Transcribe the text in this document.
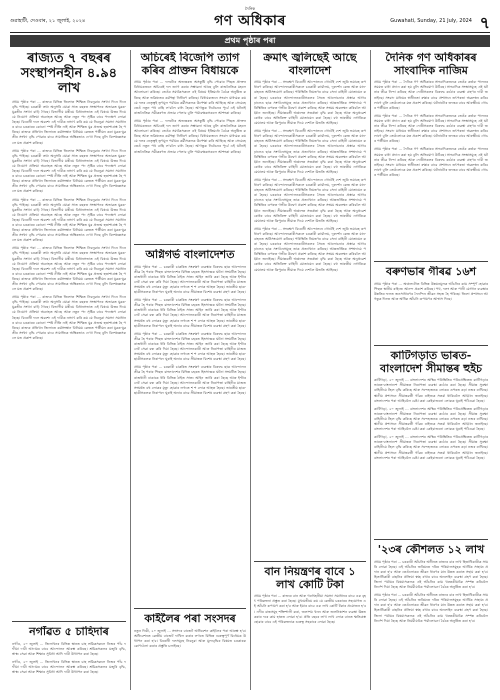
গুৱাহাটী, দেওবাৰ, ২১ জুলাই, ২০২৪
দৈনিক
গণ অধিকাৰ	Guwahati, Sunday, 21 July, 2024 ৭
প্ৰথম পৃষ্ঠাৰ পৰা
ৰাজ্যত ৭ বছৰৰ সংস্থাপনহীন ৪.৯৪ লাখ

প্ৰথম পৃষ্ঠাৰ পৰা ... ৰাজ্যৰ বিভিন্ন জিলাত শিক্ষিত নিবনুৱাৰ সংখ্যা দিনে দিনে বৃদ্ধি পাইছে। চৰকাৰী তথ্য অনুসৰি যোৱা সাত বছৰত সংস্থাপনৰ অভাৱত যুৱক-যুৱতীৰ সংখ্যা বাঢ়ি গৈছে। বিভাগীয় মন্ত্ৰীয়ে বিধানসভাত এই বিষয়ে উত্তৰ দিয়ে যে নিয়োগ প্ৰক্ৰিয়া অব্যাহত আছে আৰু নতুন পদ সৃষ্টিৰ বাবে পদক্ষেপ লোৱা হৈছে। বিৰোধী দলে অৱশ্যে এই দাবীক নস্যাৎ কৰি কয় যে নিবনুৱা সমস্যা সমাধানৰ বাবে চৰকাৰৰ কোনো স্পষ্ট নীতি নাই আৰু শিক্ষিত যুৱ প্ৰজন্ম হতাশাগ্ৰস্ত হৈ পৰিছে। ৰাজ্যৰ প্ৰতিখন জিলাতে কৰ্মসংস্থান বিনিময় কেন্দ্ৰত পঞ্জীয়ন কৰা যুৱক-যুৱতীৰ সংখ্যা বৃদ্ধি পোৱাৰ বাবে সামাজিক অস্থিৰতাও দেখা দিছে বুলি বিশেষজ্ঞসকলে মত প্ৰকাশ কৰিছে।

প্ৰথম পৃষ্ঠাৰ পৰা ... ৰাজ্যৰ বিভিন্ন জিলাত শিক্ষিত নিবনুৱাৰ সংখ্যা দিনে দিনে বৃদ্ধি পাইছে। চৰকাৰী তথ্য অনুসৰি যোৱা সাত বছৰত সংস্থাপনৰ অভাৱত যুৱক-যুৱতীৰ সংখ্যা বাঢ়ি গৈছে। বিভাগীয় মন্ত্ৰীয়ে বিধানসভাত এই বিষয়ে উত্তৰ দিয়ে যে নিয়োগ প্ৰক্ৰিয়া অব্যাহত আছে আৰু নতুন পদ সৃষ্টিৰ বাবে পদক্ষেপ লোৱা হৈছে। বিৰোধী দলে অৱশ্যে এই দাবীক নস্যাৎ কৰি কয় যে নিবনুৱা সমস্যা সমাধানৰ বাবে চৰকাৰৰ কোনো স্পষ্ট নীতি নাই আৰু শিক্ষিত যুৱ প্ৰজন্ম হতাশাগ্ৰস্ত হৈ পৰিছে। ৰাজ্যৰ প্ৰতিখন জিলাতে কৰ্মসংস্থান বিনিময় কেন্দ্ৰত পঞ্জীয়ন কৰা যুৱক-যুৱতীৰ সংখ্যা বৃদ্ধি পোৱাৰ বাবে সামাজিক অস্থিৰতাও দেখা দিছে বুলি বিশেষজ্ঞসকলে মত প্ৰকাশ কৰিছে।

প্ৰথম পৃষ্ঠাৰ পৰা ... ৰাজ্যৰ বিভিন্ন জিলাত শিক্ষিত নিবনুৱাৰ সংখ্যা দিনে দিনে বৃদ্ধি পাইছে। চৰকাৰী তথ্য অনুসৰি যোৱা সাত বছৰত সংস্থাপনৰ অভাৱত যুৱক-যুৱতীৰ সংখ্যা বাঢ়ি গৈছে। বিভাগীয় মন্ত্ৰীয়ে বিধানসভাত এই বিষয়ে উত্তৰ দিয়ে যে নিয়োগ প্ৰক্ৰিয়া অব্যাহত আছে আৰু নতুন পদ সৃষ্টিৰ বাবে পদক্ষেপ লোৱা হৈছে। বিৰোধী দলে অৱশ্যে এই দাবীক নস্যাৎ কৰি কয় যে নিবনুৱা সমস্যা সমাধানৰ বাবে চৰকাৰৰ কোনো স্পষ্ট নীতি নাই আৰু শিক্ষিত যুৱ প্ৰজন্ম হতাশাগ্ৰস্ত হৈ পৰিছে। ৰাজ্যৰ প্ৰতিখন জিলাতে কৰ্মসংস্থান বিনিময় কেন্দ্ৰত পঞ্জীয়ন কৰা যুৱক-যুৱতীৰ সংখ্যা বৃদ্ধি পোৱাৰ বাবে সামাজিক অস্থিৰতাও দেখা দিছে বুলি বিশেষজ্ঞসকলে মত প্ৰকাশ কৰিছে।

প্ৰথম পৃষ্ঠাৰ পৰা ... ৰাজ্যৰ বিভিন্ন জিলাত শিক্ষিত নিবনুৱাৰ সংখ্যা দিনে দিনে বৃদ্ধি পাইছে। চৰকাৰী তথ্য অনুসৰি যোৱা সাত বছৰত সংস্থাপনৰ অভাৱত যুৱক-যুৱতীৰ সংখ্যা বাঢ়ি গৈছে। বিভাগীয় মন্ত্ৰীয়ে বিধানসভাত এই বিষয়ে উত্তৰ দিয়ে যে নিয়োগ প্ৰক্ৰিয়া অব্যাহত আছে আৰু নতুন পদ সৃষ্টিৰ বাবে পদক্ষেপ লোৱা হৈছে। বিৰোধী দলে অৱশ্যে এই দাবীক নস্যাৎ কৰি কয় যে নিবনুৱা সমস্যা সমাধানৰ বাবে চৰকাৰৰ কোনো স্পষ্ট নীতি নাই আৰু শিক্ষিত যুৱ প্ৰজন্ম হতাশাগ্ৰস্ত হৈ পৰিছে। ৰাজ্যৰ প্ৰতিখন জিলাতে কৰ্মসংস্থান বিনিময় কেন্দ্ৰত পঞ্জীয়ন কৰা যুৱক-যুৱতীৰ সংখ্যা বৃদ্ধি পোৱাৰ বাবে সামাজিক অস্থিৰতাও দেখা দিছে বুলি বিশেষজ্ঞসকলে মত প্ৰকাশ কৰিছে।

প্ৰথম পৃষ্ঠাৰ পৰা ... ৰাজ্যৰ বিভিন্ন জিলাত শিক্ষিত নিবনুৱাৰ সংখ্যা দিনে দিনে বৃদ্ধি পাইছে। চৰকাৰী তথ্য অনুসৰি যোৱা সাত বছৰত সংস্থাপনৰ অভাৱত যুৱক-যুৱতীৰ সংখ্যা বাঢ়ি গৈছে। বিভাগীয় মন্ত্ৰীয়ে বিধানসভাত এই বিষয়ে উত্তৰ দিয়ে যে নিয়োগ প্ৰক্ৰিয়া অব্যাহত আছে আৰু নতুন পদ সৃষ্টিৰ বাবে পদক্ষেপ লোৱা হৈছে। বিৰোধী দলে অৱশ্যে এই দাবীক নস্যাৎ কৰি কয় যে নিবনুৱা সমস্যা সমাধানৰ বাবে চৰকাৰৰ কোনো স্পষ্ট নীতি নাই আৰু শিক্ষিত যুৱ প্ৰজন্ম হতাশাগ্ৰস্ত হৈ পৰিছে। ৰাজ্যৰ প্ৰতিখন জিলাতে কৰ্মসংস্থান বিনিময় কেন্দ্ৰত পঞ্জীয়ন কৰা যুৱক-যুৱতীৰ সংখ্যা বৃদ্ধি পোৱাৰ বাবে সামাজিক অস্থিৰতাও দেখা দিছে বুলি বিশেষজ্ঞসকলে মত প্ৰকাশ কৰিছে।

নগাঁৱত ৫ চাহিদাৰ

নগাঁও, ২০ জুলাই ... জিলাখনৰ বিভিন্ন স্থানত চাহ শ্ৰমিকসকলে নিজৰ পাঁচ দফীয়া দাবী আদায়ৰ বাবে আন্দোলন আৰম্ভ কৰিছে। শ্ৰমিকসকলৰ মজুৰি বৃদ্ধি, স্বাস্থ্য সেৱা আৰু শিক্ষাৰ সুবিধা আদি দাবী উত্থাপন কৰা হৈছে।

নগাঁও, ২০ জুলাই ... জিলাখনৰ বিভিন্ন স্থানত চাহ শ্ৰমিকসকলে নিজৰ পাঁচ দফীয়া দাবী আদায়ৰ বাবে আন্দোলন আৰম্ভ কৰিছে। শ্ৰমিকসকলৰ মজুৰি বৃদ্ধি, স্বাস্থ্য সেৱা আৰু শিক্ষাৰ সুবিধা আদি দাবী উত্থাপন কৰা হৈছে।

অচিৰেই বিজেপি ত্যাগ কৰিব প্ৰাক্তন বিধায়কে

প্ৰথম পৃষ্ঠাৰ পৰা ... দলটোৰ অভ্যন্তৰত অসন্তুষ্টি বৃদ্ধি পোৱাৰ পিছত প্ৰাক্তন বিধায়কজনে অচিৰেই দল ত্যাগ কৰাৰ সম্ভাৱনা আছে বুলি ৰাজনৈতিক মহলে আলোচনা কৰিছে। তেওঁৰ সমৰ্থকসকলে এই বিষয়ে ইতিমধ্যে বৈঠক অনুষ্ঠিত কৰিছে আৰু ভৱিষ্যতৰ কৰ্মপন্থা নিৰ্ধাৰণ কৰিছে। বিধায়কজনে সংবাদ মাধ্যমক কয় যে দলৰ নেতৃত্বই তৃণমূল পৰ্যায়ৰ কৰ্মীসকলক উপেক্ষা কৰি আহিছে আৰু সেয়েহে তেওঁ নতুন পথ বাছি ল'বলৈ বাধ্য হৈছে। আগন্তুক নিৰ্বাচনৰ পূৰ্বে এই ঘটনাই ৰাজনৈতিক সমীকৰণত প্ৰভাৱ পেলাব বুলি পৰ্যবেক্ষকসকলে আশংকা কৰিছে।

প্ৰথম পৃষ্ঠাৰ পৰা ... দলটোৰ অভ্যন্তৰত অসন্তুষ্টি বৃদ্ধি পোৱাৰ পিছত প্ৰাক্তন বিধায়কজনে অচিৰেই দল ত্যাগ কৰাৰ সম্ভাৱনা আছে বুলি ৰাজনৈতিক মহলে আলোচনা কৰিছে। তেওঁৰ সমৰ্থকসকলে এই বিষয়ে ইতিমধ্যে বৈঠক অনুষ্ঠিত কৰিছে আৰু ভৱিষ্যতৰ কৰ্মপন্থা নিৰ্ধাৰণ কৰিছে। বিধায়কজনে সংবাদ মাধ্যমক কয় যে দলৰ নেতৃত্বই তৃণমূল পৰ্যায়ৰ কৰ্মীসকলক উপেক্ষা কৰি আহিছে আৰু সেয়েহে তেওঁ নতুন পথ বাছি ল'বলৈ বাধ্য হৈছে। আগন্তুক নিৰ্বাচনৰ পূৰ্বে এই ঘটনাই ৰাজনৈতিক সমীকৰণত প্ৰভাৱ পেলাব বুলি পৰ্যবেক্ষকসকলে আশংকা কৰিছে।

অগ্নিগৰ্ভ বাংলাদেশত

প্ৰথম পৃষ্ঠাৰ পৰা ... চৰকাৰী চাকৰিত সংৰক্ষণ ব্যৱস্থাৰ বিৰুদ্ধে ছাত্ৰ আন্দোলন তীব্ৰ হৈ পৰাৰ পিছত বাংলাদেশৰ বিভিন্ন চহৰত হিংসাত্মক ঘটনা সংঘটিত হৈছে। ৰাজধানী ঢাকাকে ধৰি বিভিন্ন ঠাইত সান্ধ্য আইন জাৰি কৰা হৈছে আৰু ইণ্টাৰনেট সেৱা বন্ধ কৰি দিয়া হৈছে। আন্দোলনকাৰী আৰু নিৰাপত্তা বাহিনীৰ মাজত সংঘৰ্ষত বহু লোকৰ মৃত্যু হোৱাৰ লগতে শ শ লোক আহত হৈছে। ভাৰতীয় ছাত্ৰ-ছাত্ৰীসকলক নিৰাপদে ঘূৰাই অনাৰ বাবে সীমান্তত বিশেষ ব্যৱস্থা গ্ৰহণ কৰা হৈছে।

প্ৰথম পৃষ্ঠাৰ পৰা ... চৰকাৰী চাকৰিত সংৰক্ষণ ব্যৱস্থাৰ বিৰুদ্ধে ছাত্ৰ আন্দোলন তীব্ৰ হৈ পৰাৰ পিছত বাংলাদেশৰ বিভিন্ন চহৰত হিংসাত্মক ঘটনা সংঘটিত হৈছে। ৰাজধানী ঢাকাকে ধৰি বিভিন্ন ঠাইত সান্ধ্য আইন জাৰি কৰা হৈছে আৰু ইণ্টাৰনেট সেৱা বন্ধ কৰি দিয়া হৈছে। আন্দোলনকাৰী আৰু নিৰাপত্তা বাহিনীৰ মাজত সংঘৰ্ষত বহু লোকৰ মৃত্যু হোৱাৰ লগতে শ শ লোক আহত হৈছে। ভাৰতীয় ছাত্ৰ-ছাত্ৰীসকলক নিৰাপদে ঘূৰাই অনাৰ বাবে সীমান্তত বিশেষ ব্যৱস্থা গ্ৰহণ কৰা হৈছে।

প্ৰথম পৃষ্ঠাৰ পৰা ... চৰকাৰী চাকৰিত সংৰক্ষণ ব্যৱস্থাৰ বিৰুদ্ধে ছাত্ৰ আন্দোলন তীব্ৰ হৈ পৰাৰ পিছত বাংলাদেশৰ বিভিন্ন চহৰত হিংসাত্মক ঘটনা সংঘটিত হৈছে। ৰাজধানী ঢাকাকে ধৰি বিভিন্ন ঠাইত সান্ধ্য আইন জাৰি কৰা হৈছে আৰু ইণ্টাৰনেট সেৱা বন্ধ কৰি দিয়া হৈছে। আন্দোলনকাৰী আৰু নিৰাপত্তা বাহিনীৰ মাজত সংঘৰ্ষত বহু লোকৰ মৃত্যু হোৱাৰ লগতে শ শ লোক আহত হৈছে। ভাৰতীয় ছাত্ৰ-ছাত্ৰীসকলক নিৰাপদে ঘূৰাই অনাৰ বাবে সীমান্তত বিশেষ ব্যৱস্থা গ্ৰহণ কৰা হৈছে।

প্ৰথম পৃষ্ঠাৰ পৰা ... চৰকাৰী চাকৰিত সংৰক্ষণ ব্যৱস্থাৰ বিৰুদ্ধে ছাত্ৰ আন্দোলন তীব্ৰ হৈ পৰাৰ পিছত বাংলাদেশৰ বিভিন্ন চহৰত হিংসাত্মক ঘটনা সংঘটিত হৈছে। ৰাজধানী ঢাকাকে ধৰি বিভিন্ন ঠাইত সান্ধ্য আইন জাৰি কৰা হৈছে আৰু ইণ্টাৰনেট সেৱা বন্ধ কৰি দিয়া হৈছে। আন্দোলনকাৰী আৰু নিৰাপত্তা বাহিনীৰ মাজত সংঘৰ্ষত বহু লোকৰ মৃত্যু হোৱাৰ লগতে শ শ লোক আহত হৈছে। ভাৰতীয় ছাত্ৰ-ছাত্ৰীসকলক নিৰাপদে ঘূৰাই অনাৰ বাবে সীমান্তত বিশেষ ব্যৱস্থা গ্ৰহণ কৰা হৈছে।

কাইলৈৰ পৰা সংসদৰ

নতুন দিল্লী, ২০ জুলাই ... সংসদৰ বাজেট অধিবেশন কাইলৈৰ পৰা আৰম্ভ হ'ব। অধিবেশনত কেন্দ্ৰীয় বাজেট দাখিল কৰাৰ লগতে বিভিন্ন গুৰুত্বপূৰ্ণ বিধেয়ক উত্থাপন কৰা হ'ব। বিৰোধী দলসমূহে নিবনুৱা আৰু মূল্যবৃদ্ধিৰ বিষয়ত চৰকাৰক কোণঠেলা কৰাৰ প্ৰস্তুতি চলাইছে।

ক্ৰমাৎ জ্বলিছেই আছে বাংলাদেশ

প্ৰথম পৃষ্ঠাৰ পৰা ... সংৰক্ষণ বিৰোধী আন্দোলনে গোটেই দেশ জুৰি ভয়াবহ ৰূপ ধাৰণ কৰিছে। আন্দোলনকাৰীসকলে চৰকাৰী কাৰ্যালয়, দূৰদৰ্শন কেন্দ্ৰ আৰু যান-বাহনত অগ্নিসংযোগ কৰিছে। পৰিস্থিতি নিয়ন্ত্ৰণৰ বাবে সেনা বাহিনী মোতায়েন কৰা হৈছে। চৰকাৰে আন্দোলনকাৰীসকলৰ সৈতে আলোচনাৰ প্ৰস্তাৱ আগবঢ়ালেও ছাত্ৰ সংগঠনসমূহে তাক প্ৰত্যাখ্যান কৰিছে। আন্তৰ্জাতিক সম্প্ৰদায়ে পৰিস্থিতিৰ ওপৰত গভীৰ উদ্বেগ প্ৰকাশ কৰিছে আৰু সংযম অৱলম্বন কৰিবলৈ আহ্বান জনাইছে। সীমান্তবৰ্তী অঞ্চলত সতৰ্কতা বৃদ্ধি কৰা হৈছে আৰু অনুপ্ৰৱেশ ৰোধৰ বাবে অতিৰিক্ত বাহিনী মোতায়েন কৰা হৈছে। বহু ভাৰতীয় নাগৰিকে মেঘালয় আৰু ত্ৰিপুৰাৰ সীমান্ত দিয়ে দেশলৈ উভতি আহিছে।

প্ৰথম পৃষ্ঠাৰ পৰা ... সংৰক্ষণ বিৰোধী আন্দোলনে গোটেই দেশ জুৰি ভয়াবহ ৰূপ ধাৰণ কৰিছে। আন্দোলনকাৰীসকলে চৰকাৰী কাৰ্যালয়, দূৰদৰ্শন কেন্দ্ৰ আৰু যান-বাহনত অগ্নিসংযোগ কৰিছে। পৰিস্থিতি নিয়ন্ত্ৰণৰ বাবে সেনা বাহিনী মোতায়েন কৰা হৈছে। চৰকাৰে আন্দোলনকাৰীসকলৰ সৈতে আলোচনাৰ প্ৰস্তাৱ আগবঢ়ালেও ছাত্ৰ সংগঠনসমূহে তাক প্ৰত্যাখ্যান কৰিছে। আন্তৰ্জাতিক সম্প্ৰদায়ে পৰিস্থিতিৰ ওপৰত গভীৰ উদ্বেগ প্ৰকাশ কৰিছে আৰু সংযম অৱলম্বন কৰিবলৈ আহ্বান জনাইছে। সীমান্তবৰ্তী অঞ্চলত সতৰ্কতা বৃদ্ধি কৰা হৈছে আৰু অনুপ্ৰৱেশ ৰোধৰ বাবে অতিৰিক্ত বাহিনী মোতায়েন কৰা হৈছে। বহু ভাৰতীয় নাগৰিকে মেঘালয় আৰু ত্ৰিপুৰাৰ সীমান্ত দিয়ে দেশলৈ উভতি আহিছে।

প্ৰথম পৃষ্ঠাৰ পৰা ... সংৰক্ষণ বিৰোধী আন্দোলনে গোটেই দেশ জুৰি ভয়াবহ ৰূপ ধাৰণ কৰিছে। আন্দোলনকাৰীসকলে চৰকাৰী কাৰ্যালয়, দূৰদৰ্শন কেন্দ্ৰ আৰু যান-বাহনত অগ্নিসংযোগ কৰিছে। পৰিস্থিতি নিয়ন্ত্ৰণৰ বাবে সেনা বাহিনী মোতায়েন কৰা হৈছে। চৰকাৰে আন্দোলনকাৰীসকলৰ সৈতে আলোচনাৰ প্ৰস্তাৱ আগবঢ়ালেও ছাত্ৰ সংগঠনসমূহে তাক প্ৰত্যাখ্যান কৰিছে। আন্তৰ্জাতিক সম্প্ৰদায়ে পৰিস্থিতিৰ ওপৰত গভীৰ উদ্বেগ প্ৰকাশ কৰিছে আৰু সংযম অৱলম্বন কৰিবলৈ আহ্বান জনাইছে। সীমান্তবৰ্তী অঞ্চলত সতৰ্কতা বৃদ্ধি কৰা হৈছে আৰু অনুপ্ৰৱেশ ৰোধৰ বাবে অতিৰিক্ত বাহিনী মোতায়েন কৰা হৈছে। বহু ভাৰতীয় নাগৰিকে মেঘালয় আৰু ত্ৰিপুৰাৰ সীমান্ত দিয়ে দেশলৈ উভতি আহিছে।

প্ৰথম পৃষ্ঠাৰ পৰা ... সংৰক্ষণ বিৰোধী আন্দোলনে গোটেই দেশ জুৰি ভয়াবহ ৰূপ ধাৰণ কৰিছে। আন্দোলনকাৰীসকলে চৰকাৰী কাৰ্যালয়, দূৰদৰ্শন কেন্দ্ৰ আৰু যান-বাহনত অগ্নিসংযোগ কৰিছে। পৰিস্থিতি নিয়ন্ত্ৰণৰ বাবে সেনা বাহিনী মোতায়েন কৰা হৈছে। চৰকাৰে আন্দোলনকাৰীসকলৰ সৈতে আলোচনাৰ প্ৰস্তাৱ আগবঢ়ালেও ছাত্ৰ সংগঠনসমূহে তাক প্ৰত্যাখ্যান কৰিছে। আন্তৰ্জাতিক সম্প্ৰদায়ে পৰিস্থিতিৰ ওপৰত গভীৰ উদ্বেগ প্ৰকাশ কৰিছে আৰু সংযম অৱলম্বন কৰিবলৈ আহ্বান জনাইছে। সীমান্তবৰ্তী অঞ্চলত সতৰ্কতা বৃদ্ধি কৰা হৈছে আৰু অনুপ্ৰৱেশ ৰোধৰ বাবে অতিৰিক্ত বাহিনী মোতায়েন কৰা হৈছে। বহু ভাৰতীয় নাগৰিকে মেঘালয় আৰু ত্ৰিপুৰাৰ সীমান্ত দিয়ে দেশলৈ উভতি আহিছে।

বান নিয়ন্ত্ৰণৰ বাবে ১ লাখ কোটি টকা

প্ৰথম পৃষ্ঠাৰ পৰা ... ৰাজ্যৰ বান আৰু গৰাখহনীয়া সমস্যা সমাধানৰ বাবে এক বৃহৎ পৰিকল্পনা প্ৰস্তুত কৰা হৈছে। মুখ্যমন্ত্ৰীয়ে কয় যে কেন্দ্ৰীয় চৰকাৰৰ সহযোগত এই আঁচনি ৰূপায়ণ কৰা হ'ব আৰু ইয়াৰ বাবে এক লাখ কোটি টকাৰ প্ৰয়োজন হ'ব। নদীৰ বান্ধসমূহ শক্তিশালী কৰা, জলাশয় খনন আৰু জলনিষ্কাশন ব্যৱস্থা উন্নত কৰাৰ দৰে কাম হাতত লোৱা হ'ব। প্ৰতি বছৰে লাখ লাখ লোক বানত ক্ষতিগ্ৰস্ত হোৱাৰ বাবে এই পৰিকল্পনাক গুৰুত্ব সহকাৰে লোৱা হৈছে।

দৈনিক গণ অধিকাৰৰ সাংবাদিক নাজিম

প্ৰথম পৃষ্ঠাৰ পৰা ... দৈনিক গণ অধিকাৰৰ সাংবাদিকজনক তেওঁৰ কৰ্তব্য পালনৰ সময়ত বাধা প্ৰদান কৰা হয় বুলি অভিযোগ উঠিছে। সাংবাদিক সংস্থাসমূহে এই ঘটনাৰ তীব্ৰ নিন্দা কৰিছে আৰু দোষীসকলৰ বিৰুদ্ধে কঠোৰ ব্যৱস্থা গ্ৰহণৰ দাবী জনাইছে। সংবাদ মাধ্যমৰ স্বাধীনতা ৰক্ষাৰ বাবে প্ৰশাসনে তৎপৰতা অৱলম্বন কৰিব লাগে বুলি তেওঁলোকে মত প্ৰকাশ কৰিছে। ঘটনাটোৰ তদন্তৰ বাবে আৰক্ষীয়ে গোচৰ পঞ্জীয়ন কৰিছে।

প্ৰথম পৃষ্ঠাৰ পৰা ... দৈনিক গণ অধিকাৰৰ সাংবাদিকজনক তেওঁৰ কৰ্তব্য পালনৰ সময়ত বাধা প্ৰদান কৰা হয় বুলি অভিযোগ উঠিছে। সাংবাদিক সংস্থাসমূহে এই ঘটনাৰ তীব্ৰ নিন্দা কৰিছে আৰু দোষীসকলৰ বিৰুদ্ধে কঠোৰ ব্যৱস্থা গ্ৰহণৰ দাবী জনাইছে। সংবাদ মাধ্যমৰ স্বাধীনতা ৰক্ষাৰ বাবে প্ৰশাসনে তৎপৰতা অৱলম্বন কৰিব লাগে বুলি তেওঁলোকে মত প্ৰকাশ কৰিছে। ঘটনাটোৰ তদন্তৰ বাবে আৰক্ষীয়ে গোচৰ পঞ্জীয়ন কৰিছে।

প্ৰথম পৃষ্ঠাৰ পৰা ... দৈনিক গণ অধিকাৰৰ সাংবাদিকজনক তেওঁৰ কৰ্তব্য পালনৰ সময়ত বাধা প্ৰদান কৰা হয় বুলি অভিযোগ উঠিছে। সাংবাদিক সংস্থাসমূহে এই ঘটনাৰ তীব্ৰ নিন্দা কৰিছে আৰু দোষীসকলৰ বিৰুদ্ধে কঠোৰ ব্যৱস্থা গ্ৰহণৰ দাবী জনাইছে। সংবাদ মাধ্যমৰ স্বাধীনতা ৰক্ষাৰ বাবে প্ৰশাসনে তৎপৰতা অৱলম্বন কৰিব লাগে বুলি তেওঁলোকে মত প্ৰকাশ কৰিছে। ঘটনাটোৰ তদন্তৰ বাবে আৰক্ষীয়ে গোচৰ পঞ্জীয়ন কৰিছে।

বৰুণভাৰ গীৰৱ ১৬শ

প্ৰথম পৃষ্ঠাৰ পৰা ... অঞ্চলটোত বিভিন্ন উন্নয়নমূলক আঁচনিৰ কাম সম্পূৰ্ণ হোৱাৰ পিছত স্থানীয় ৰাইজে আনন্দ প্ৰকাশ কৰিছে। পথ, দলং আৰু পানী যোগান ব্যৱস্থাৰ উন্নতিৰ ফলত জনসাধাৰণৰ দৈনন্দিন জীৱন সহজ হৈ পৰিছে। জিলা প্ৰশাসনে আগন্তুক দিনত আৰু অধিক আঁচনি ৰূপায়ণৰ আশ্বাস দিছে।

কাটিগড়াত ভাৰত-বাংলাদেশ সীমান্তৰ হুইচ

কাটিগড়া, ২০ জুলাই ... বাংলাদেশৰ অস্থিৰ পৰিস্থিতিৰ পৰিপ্ৰেক্ষিতত কাটিগড়াৰ ভাৰত-বাংলাদেশ সীমান্তত নিৰাপত্তা ব্যৱস্থা কঠোৰ কৰা হৈছে। সীমান্ত সুৰক্ষা বাহিনীয়ে টহল বৃদ্ধি কৰিছে আৰু সন্দেহজনক লোকৰ ওপৰত কঢ়া নজৰ ৰাখিছে। স্থানীয় প্ৰশাসনে সীমান্তবৰ্তী গাঁৱৰ ৰাইজক সতৰ্ক থাকিবলৈ আহ্বান জনাইছে। বাংলাদেশৰ পৰা আহিবলৈ চেষ্টা কৰা কেইবাজনো লোকক ঘূৰাই পঠিওৱা হৈছে।

কাটিগড়া, ২০ জুলাই ... বাংলাদেশৰ অস্থিৰ পৰিস্থিতিৰ পৰিপ্ৰেক্ষিতত কাটিগড়াৰ ভাৰত-বাংলাদেশ সীমান্তত নিৰাপত্তা ব্যৱস্থা কঠোৰ কৰা হৈছে। সীমান্ত সুৰক্ষা বাহিনীয়ে টহল বৃদ্ধি কৰিছে আৰু সন্দেহজনক লোকৰ ওপৰত কঢ়া নজৰ ৰাখিছে। স্থানীয় প্ৰশাসনে সীমান্তবৰ্তী গাঁৱৰ ৰাইজক সতৰ্ক থাকিবলৈ আহ্বান জনাইছে। বাংলাদেশৰ পৰা আহিবলৈ চেষ্টা কৰা কেইবাজনো লোকক ঘূৰাই পঠিওৱা হৈছে।

কাটিগড়া, ২০ জুলাই ... বাংলাদেশৰ অস্থিৰ পৰিস্থিতিৰ পৰিপ্ৰেক্ষিতত কাটিগড়াৰ ভাৰত-বাংলাদেশ সীমান্তত নিৰাপত্তা ব্যৱস্থা কঠোৰ কৰা হৈছে। সীমান্ত সুৰক্ষা বাহিনীয়ে টহল বৃদ্ধি কৰিছে আৰু সন্দেহজনক লোকৰ ওপৰত কঢ়া নজৰ ৰাখিছে। স্থানীয় প্ৰশাসনে সীমান্তবৰ্তী গাঁৱৰ ৰাইজক সতৰ্ক থাকিবলৈ আহ্বান জনাইছে। বাংলাদেশৰ পৰা আহিবলৈ চেষ্টা কৰা কেইবাজনো লোকক ঘূৰাই পঠিওৱা হৈছে।

'২৩ৰ কৌশলত ১২ লাখ

প্ৰথম পৃষ্ঠাৰ পৰা ... চৰকাৰী আঁচনিৰ অধীনত ৰাজ্যৰ বাৰ লাখ হিতাধিকাৰীক সামৰি লোৱা হৈছে। এই আঁচনিৰ জৰিয়তে দৰিদ্ৰ পৰিয়ালসমূহক আৰ্থিক সাহায্য প্ৰদান কৰা হ'ব আৰু তেওঁলোকৰ জীৱন ধাৰণৰ মান উন্নত কৰাত সহায় কৰা হ'ব। হিতাধিকাৰী বাছনিৰ প্ৰক্ৰিয়া স্বচ্ছ ৰখাৰ বাবে অনলাইন ব্যৱস্থা গ্ৰহণ কৰা হৈছে। জিলা পৰ্যায়ৰ বিষয়াসকলক এই আঁচনিৰ কাম খৰতকীয়াকৈ সম্পন্ন কৰিবলৈ নিৰ্দেশ দিয়া হৈছে আৰু নিয়মীয়াকৈ পৰ্যালোচনা বৈঠক অনুষ্ঠিত কৰা হ'ব।

প্ৰথম পৃষ্ঠাৰ পৰা ... চৰকাৰী আঁচনিৰ অধীনত ৰাজ্যৰ বাৰ লাখ হিতাধিকাৰীক সামৰি লোৱা হৈছে। এই আঁচনিৰ জৰিয়তে দৰিদ্ৰ পৰিয়ালসমূহক আৰ্থিক সাহায্য প্ৰদান কৰা হ'ব আৰু তেওঁলোকৰ জীৱন ধাৰণৰ মান উন্নত কৰাত সহায় কৰা হ'ব। হিতাধিকাৰী বাছনিৰ প্ৰক্ৰিয়া স্বচ্ছ ৰখাৰ বাবে অনলাইন ব্যৱস্থা গ্ৰহণ কৰা হৈছে। জিলা পৰ্যায়ৰ বিষয়াসকলক এই আঁচনিৰ কাম খৰতকীয়াকৈ সম্পন্ন কৰিবলৈ নিৰ্দেশ দিয়া হৈছে আৰু নিয়মীয়াকৈ পৰ্যালোচনা বৈঠক অনুষ্ঠিত কৰা হ'ব।
